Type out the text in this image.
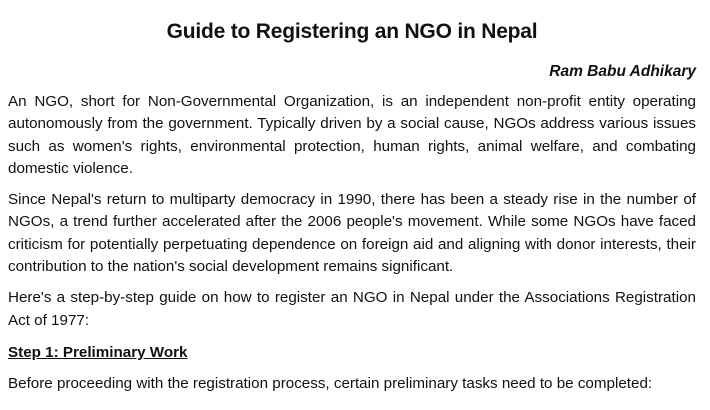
Guide to Registering an NGO in Nepal

Ram Babu Adhikary

An NGO, short for Non-Governmental Organization, is an independent non-profit entity operating autonomously from the government. Typically driven by a social cause, NGOs address various issues such as women's rights, environmental protection, human rights, animal welfare, and combating domestic violence.

Since Nepal's return to multiparty democracy in 1990, there has been a steady rise in the number of NGOs, a trend further accelerated after the 2006 people's movement. While some NGOs have faced criticism for potentially perpetuating dependence on foreign aid and aligning with donor interests, their contribution to the nation's social development remains significant.

Here's a step-by-step guide on how to register an NGO in Nepal under the Associations Registration Act of 1977:

Step 1: Preliminary Work

Before proceeding with the registration process, certain preliminary tasks need to be completed:
